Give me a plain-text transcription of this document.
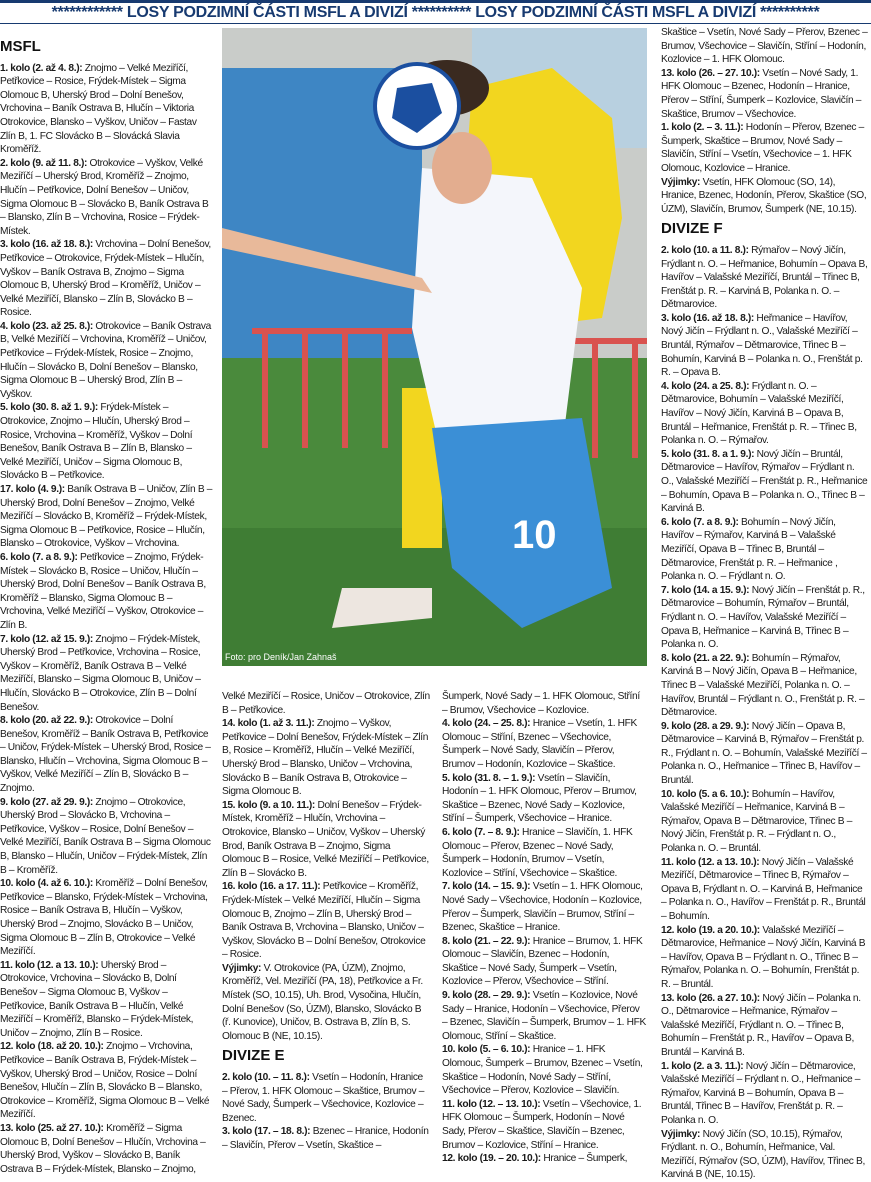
************ LOSY PODZIMNÍ ČÁSTI MSFL A DIVIZÍ ********** LOSY PODZIMNÍ ČÁSTI MSFL A DIVIZÍ **********
10
Foto: pro Deník/Jan Zahnaš
MSFL

1. kolo (2. až 4. 8.): Znojmo – Velké Meziříčí, Petřkovice – Rosice, Frýdek-Místek – Sigma Olomouc B, Uherský Brod – Dolní Benešov, Vrchovina – Baník Ostrava B, Hlučín – Viktoria Otrokovice, Blansko – Vyškov, Uničov – Fastav Zlín B, 1. FC Slovácko B – Slovácká Slavia Kroměříž.

2. kolo (9. až 11. 8.): Otrokovice – Vyškov, Velké Meziříčí – Uherský Brod, Kroměříž – Znojmo, Hlučín – Petřkovice, Dolní Benešov – Uničov, Sigma Olomouc B – Slovácko B, Baník Ostrava B – Blansko, Zlín B – Vrchovina, Rosice – Frýdek-Místek.

3. kolo (16. až 18. 8.): Vrchovina – Dolní Benešov, Petřkovice – Otrokovice, Frýdek-Místek – Hlučín, Vyškov – Baník Ostrava B, Znojmo – Sigma Olomouc B, Uherský Brod – Kroměříž, Uničov – Velké Meziříčí, Blansko – Zlín B, Slovácko B – Rosice.

4. kolo (23. až 25. 8.): Otrokovice – Baník Ostrava B, Velké Meziříčí – Vrchovina, Kroměříž – Uničov, Petřkovice – Frýdek-Místek, Rosice – Znojmo, Hlučín – Slovácko B, Dolní Benešov – Blansko, Sigma Olomouc B – Uherský Brod, Zlín B – Vyškov.

5. kolo (30. 8. až 1. 9.): Frýdek-Místek – Otrokovice, Znojmo – Hlučín, Uherský Brod – Rosice, Vrchovina – Kroměříž, Vyškov – Dolní Benešov, Baník Ostrava B – Zlín B, Blansko – Velké Meziříčí, Uničov – Sigma Olomouc B, Slovácko B – Petřkovice.

17. kolo (4. 9.): Baník Ostrava B – Uničov, Zlín B – Uherský Brod, Dolní Benešov – Znojmo, Velké Meziříčí – Slovácko B, Kroměříž – Frýdek-Místek, Sigma Olomouc B – Petřkovice, Rosice – Hlučín, Blansko – Otrokovice, Vyškov – Vrchovina.

6. kolo (7. a 8. 9.): Petřkovice – Znojmo, Frýdek-Místek – Slovácko B, Rosice – Uničov, Hlučín – Uherský Brod, Dolní Benešov – Baník Ostrava B, Kroměříž – Blansko, Sigma Olomouc B – Vrchovina, Velké Meziříčí – Vyškov, Otrokovice – Zlín B.

7. kolo (12. až 15. 9.): Znojmo – Frýdek-Místek, Uherský Brod – Petřkovice, Vrchovina – Rosice, Vyškov – Kroměříž, Baník Ostrava B – Velké Meziříčí, Blansko – Sigma Olomouc B, Uničov – Hlučín, Slovácko B – Otrokovice, Zlín B – Dolní Benešov.

8. kolo (20. až 22. 9.): Otrokovice – Dolní Benešov, Kroměříž – Baník Ostrava B, Petřkovice – Uničov, Frýdek-Místek – Uherský Brod, Rosice – Blansko, Hlučín – Vrchovina, Sigma Olomouc B – Vyškov, Velké Meziříčí – Zlín B, Slovácko B – Znojmo.

9. kolo (27. až 29. 9.): Znojmo – Otrokovice, Uherský Brod – Slovácko B, Vrchovina – Petřkovice, Vyškov – Rosice, Dolní Benešov – Velké Meziříčí, Baník Ostrava B – Sigma Olomouc B, Blansko – Hlučín, Uničov – Frýdek-Místek, Zlín B – Kroměříž.

10. kolo (4. až 6. 10.): Kroměříž – Dolní Benešov, Petřkovice – Blansko, Frýdek-Místek – Vrchovina, Rosice – Baník Ostrava B, Hlučín – Vyškov, Uherský Brod – Znojmo, Slovácko B – Uničov, Sigma Olomouc B – Zlín B, Otrokovice – Velké Meziříčí.

11. kolo (12. a 13. 10.): Uherský Brod – Otrokovice, Vrchovina – Slovácko B, Dolní Benešov – Sigma Olomouc B, Vyškov – Petřkovice, Baník Ostrava B – Hlučín, Velké Meziříčí – Kroměříž, Blansko – Frýdek-Místek, Uničov – Znojmo, Zlín B – Rosice.

12. kolo (18. až 20. 10.): Znojmo – Vrchovina, Petřkovice – Baník Ostrava B, Frýdek-Místek – Vyškov, Uherský Brod – Uničov, Rosice – Dolní Benešov, Hlučín – Zlín B, Slovácko B – Blansko, Otrokovice – Kroměříž, Sigma Olomouc B – Velké Meziříčí.

13. kolo (25. až 27. 10.): Kroměříž – Sigma Olomouc B, Dolní Benešov – Hlučín, Vrchovina – Uherský Brod, Vyškov – Slovácko B, Baník Ostrava B – Frýdek-Místek, Blansko – Znojmo,

Velké Meziříčí – Rosice, Uničov – Otrokovice, Zlín B – Petřkovice.

14. kolo (1. až 3. 11.): Znojmo – Vyškov, Petřkovice – Dolní Benešov, Frýdek-Místek – Zlín B, Rosice – Kroměříž, Hlučín – Velké Meziříčí, Uherský Brod – Blansko, Uničov – Vrchovina, Slovácko B – Baník Ostrava B, Otrokovice – Sigma Olomouc B.

15. kolo (9. a 10. 11.): Dolní Benešov – Frýdek-Místek, Kroměříž – Hlučín, Vrchovina – Otrokovice, Blansko – Uničov, Vyškov – Uherský Brod, Baník Ostrava B – Znojmo, Sigma Olomouc B – Rosice, Velké Meziříčí – Petřkovice, Zlín B – Slovácko B.

16. kolo (16. a 17. 11.): Petřkovice – Kroměříž, Frýdek-Místek – Velké Meziříčí, Hlučín – Sigma Olomouc B, Znojmo – Zlín B, Uherský Brod – Baník Ostrava B, Vrchovina – Blansko, Uničov – Vyškov, Slovácko B – Dolní Benešov, Otrokovice – Rosice.

Výjimky: V. Otrokovice (PA, ÚZM), Znojmo, Kroměříž, Vel. Meziříčí (PA, 18), Petřkovice a Fr. Místek (SO, 10.15), Uh. Brod, Vysočina, Hlučín, Dolní Benešov (So, ÚZM), Blansko, Slovácko B (ř. Kunovice), Uničov, B. Ostrava B, Zlín B, S. Olomouc B (NE, 10.15).

DIVIZE E

2. kolo (10. – 11. 8.): Vsetín – Hodonín, Hranice – Přerov, 1. HFK Olomouc – Skaštice, Brumov – Nové Sady, Šumperk – Všechovice, Kozlovice – Bzenec.

3. kolo (17. – 18. 8.): Bzenec – Hranice, Hodonín – Slavičín, Přerov – Vsetín, Skaštice –

Šumperk, Nové Sady – 1. HFK Olomouc, Stříní – Brumov, Všechovice – Kozlovice.

4. kolo (24. – 25. 8.): Hranice – Vsetín, 1. HFK Olomouc – Stříní, Bzenec – Všechovice, Šumperk – Nové Sady, Slavičín – Přerov, Brumov – Hodonín, Kozlovice – Skaštice.

5. kolo (31. 8. – 1. 9.): Vsetín – Slavičín, Hodonín – 1. HFK Olomouc, Přerov – Brumov, Skaštice – Bzenec, Nové Sady – Kozlovice, Stříní – Šumperk, Všechovice – Hranice.

6. kolo (7. – 8. 9.): Hranice – Slavičín, 1. HFK Olomouc – Přerov, Bzenec – Nové Sady, Šumperk – Hodonín, Brumov – Vsetín, Kozlovice – Stříní, Všechovice – Skaštice.

7. kolo (14. – 15. 9.): Vsetín – 1. HFK Olomouc, Nové Sady – Všechovice, Hodonín – Kozlovice, Přerov – Šumperk, Slavičín – Brumov, Stříní – Bzenec, Skaštice – Hranice.

8. kolo (21. – 22. 9.): Hranice – Brumov, 1. HFK Olomouc – Slavičín, Bzenec – Hodonín, Skaštice – Nové Sady, Šumperk – Vsetín, Kozlovice – Přerov, Všechovice – Stříní.

9. kolo (28. – 29. 9.): Vsetín – Kozlovice, Nové Sady – Hranice, Hodonín – Všechovice, Přerov – Bzenec, Slavičín – Šumperk, Brumov – 1. HFK Olomouc, Stříní – Skaštice.

10. kolo (5. – 6. 10.): Hranice – 1. HFK Olomouc, Šumperk – Brumov, Bzenec – Vsetín, Skaštice – Hodonín, Nové Sady – Stříní, Všechovice – Přerov, Kozlovice – Slavičín.

11. kolo (12. – 13. 10.): Vsetín – Všechovice, 1. HFK Olomouc – Šumperk, Hodonín – Nové Sady, Přerov – Skaštice, Slavičín – Bzenec, Brumov – Kozlovice, Stříní – Hranice.

12. kolo (19. – 20. 10.): Hranice – Šumperk,

Skaštice – Vsetín, Nové Sady – Přerov, Bzenec – Brumov, Všechovice – Slavičín, Stříní – Hodonín, Kozlovice – 1. HFK Olomouc.

13. kolo (26. – 27. 10.): Vsetín – Nové Sady, 1. HFK Olomouc – Bzenec, Hodonín – Hranice, Přerov – Stříní, Šumperk – Kozlovice, Slavičín – Skaštice, Brumov – Všechovice.

1. kolo (2. – 3. 11.): Hodonín – Přerov, Bzenec – Šumperk, Skaštice – Brumov, Nové Sady – Slavičín, Stříní – Vsetín, Všechovice – 1. HFK Olomouc, Kozlovice – Hranice.

Výjimky: Vsetín, HFK Olomouc (SO, 14), Hranice, Bzenec, Hodonín, Přerov, Skaštice (SO, ÚZM), Slavičín, Brumov, Šumperk (NE, 10.15).

DIVIZE F

2. kolo (10. a 11. 8.): Rýmařov – Nový Jičín, Frýdlant n. O. – Heřmanice, Bohumín – Opava B, Havířov – Valašské Meziříčí, Bruntál – Třinec B, Frenštát p. R. – Karviná B, Polanka n. O. – Dětmarovice.

3. kolo (16. až 18. 8.): Heřmanice – Havířov, Nový Jičín – Frýdlant n. O., Valašské Meziříčí – Bruntál, Rýmařov – Dětmarovice, Třinec B – Bohumín, Karviná B – Polanka n. O., Frenštát p. R. – Opava B.

4. kolo (24. a 25. 8.): Frýdlant n. O. – Dětmarovice, Bohumín – Valašské Meziříčí, Havířov – Nový Jičín, Karviná B – Opava B, Bruntál – Heřmanice, Frenštát p. R. – Třinec B, Polanka n. O. – Rýmařov.

5. kolo (31. 8. a 1. 9.): Nový Jičín – Bruntál, Dětmarovice – Havířov, Rýmařov – Frýdlant n. O., Valašské Meziříčí – Frenštát p. R., Heřmanice – Bohumín, Opava B – Polanka n. O., Třinec B – Karviná B.

6. kolo (7. a 8. 9.): Bohumín – Nový Jičín, Havířov – Rýmařov, Karviná B – Valašské Meziříčí, Opava B – Třinec B, Bruntál – Dětmarovice, Frenštát p. R. – Heřmanice , Polanka n. O. – Frýdlant n. O.

7. kolo (14. a 15. 9.): Nový Jičín – Frenštát p. R., Dětmarovice – Bohumín, Rýmařov – Bruntál, Frýdlant n. O. – Havířov, Valašské Meziříčí – Opava B, Heřmanice – Karviná B, Třinec B – Polanka n. O.

8. kolo (21. a 22. 9.): Bohumín – Rýmařov, Karviná B – Nový Jičín, Opava B – Heřmanice, Třinec B – Valašské Meziříčí, Polanka n. O. – Havířov, Bruntál – Frýdlant n. O., Frenštát p. R. – Dětmarovice.

9. kolo (28. a 29. 9.): Nový Jičín – Opava B, Dětmarovice – Karviná B, Rýmařov – Frenštát p. R., Frýdlant n. O. – Bohumín, Valašské Meziříčí – Polanka n. O., Heřmanice – Třinec B, Havířov – Bruntál.

10. kolo (5. a 6. 10.): Bohumín – Havířov, Valašské Meziříčí – Heřmanice, Karviná B – Rýmařov, Opava B – Dětmarovice, Třinec B – Nový Jičín, Frenštát p. R. – Frýdlant n. O., Polanka n. O. – Bruntál.

11. kolo (12. a 13. 10.): Nový Jičín – Valašské Meziříčí, Dětmarovice – Třinec B, Rýmařov – Opava B, Frýdlant n. O. – Karviná B, Heřmanice – Polanka n. O., Havířov – Frenštát p. R., Bruntál – Bohumín.

12. kolo (19. a 20. 10.): Valašské Meziříčí – Dětmarovice, Heřmanice – Nový Jičín, Karviná B – Havířov, Opava B – Frýdlant n. O., Třinec B – Rýmařov, Polanka n. O. – Bohumín, Frenštát p. R. – Bruntál.

13. kolo (26. a 27. 10.): Nový Jičín – Polanka n. O., Dětmarovice – Heřmanice, Rýmařov – Valašské Meziříčí, Frýdlant n. O. – Třinec B, Bohumín – Frenštát p. R., Havířov – Opava B, Bruntál – Karviná B.

1. kolo (2. a 3. 11.): Nový Jičín – Dětmarovice, Valašské Meziříčí – Frýdlant n. O., Heřmanice – Rýmařov, Karviná B – Bohumín, Opava B – Bruntál, Třinec B – Havířov, Frenštát p. R. – Polanka n. O.

Výjimky: Nový Jičín (SO, 10.15), Rýmařov, Frýdlant. n. O., Bohumín, Heřmanice, Val. Meziříčí, Rýmařov (SO, ÚZM), Havířov, Třinec B, Karviná B (NE, 10.15).
